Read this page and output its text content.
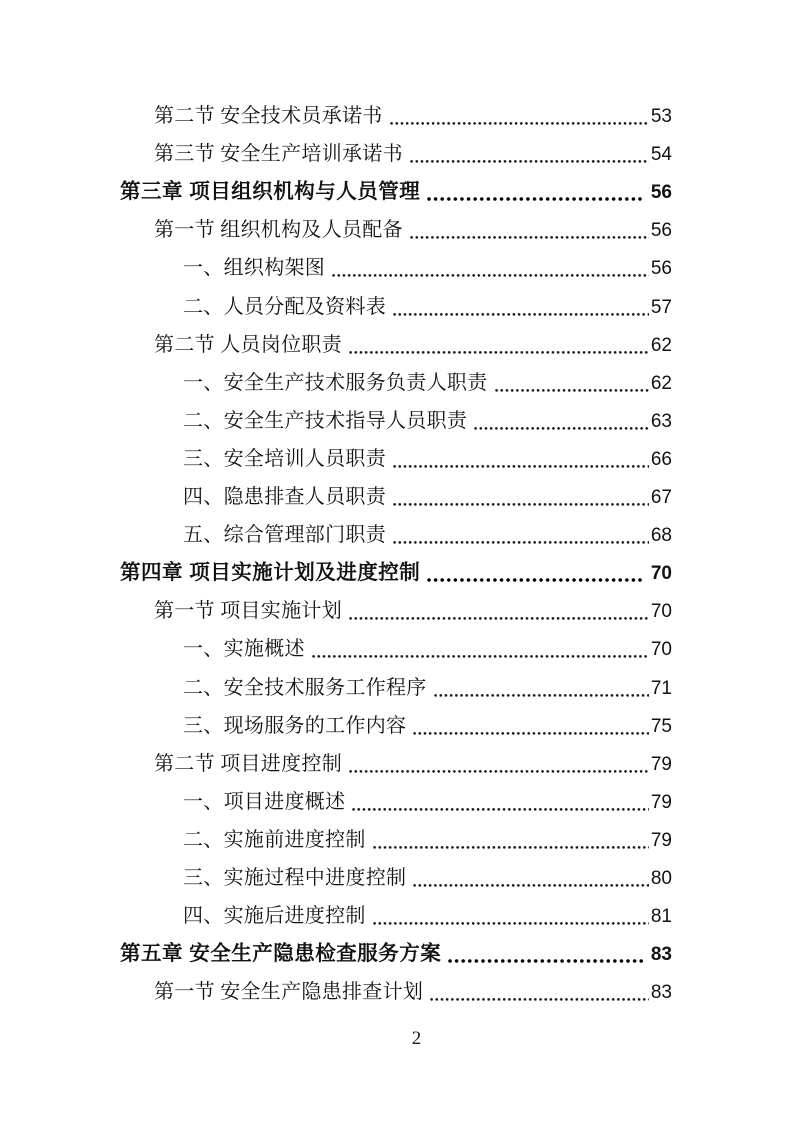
第二节 安全技术员承诺书	53
第三节 安全生产培训承诺书	54
第三章 项目组织机构与人员管理	56
第一节 组织机构及人员配备	56
一、组织构架图	56
二、人员分配及资料表	57
第二节 人员岗位职责	62
一、安全生产技术服务负责人职责	62
二、安全生产技术指导人员职责	63
三、安全培训人员职责	66
四、隐患排查人员职责	67
五、综合管理部门职责	68
第四章 项目实施计划及进度控制	70
第一节 项目实施计划	70
一、实施概述	70
二、安全技术服务工作程序	71
三、现场服务的工作内容	75
第二节 项目进度控制	79
一、项目进度概述	79
二、实施前进度控制	79
三、实施过程中进度控制	80
四、实施后进度控制	81
第五章 安全生产隐患检查服务方案	83
第一节 安全生产隐患排查计划	83
2
